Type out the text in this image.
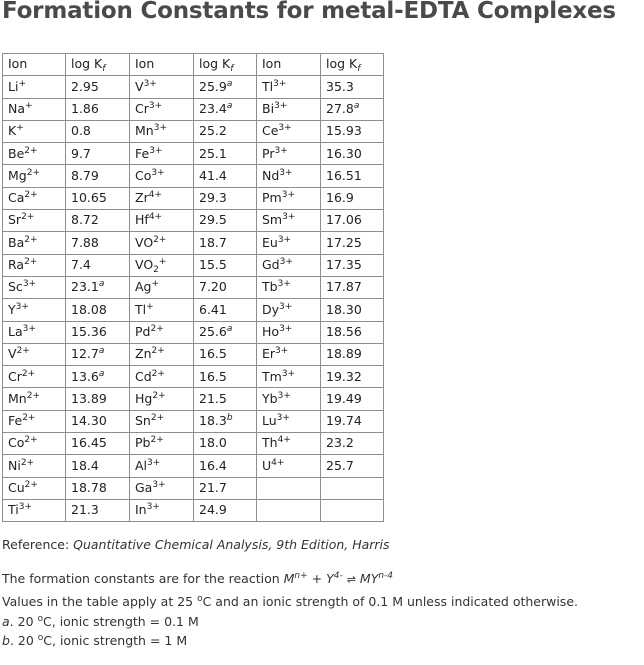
Formation Constants for metal-EDTA Complexes
Ion	$\log K_f$	Ion	$\log K_f$	Ion	$\log K_f$
Li+	2.95	$V^{3+}$	25.9$^a$	$Tl^{3+}$	35.3
Na+	1.86	$Cr^{3+}$	23.4$^a$	$Bi^{3+}$	27.8$^a$
K+	0.8	$Mn^{3+}$	25.2	$Ce^{3+}$	15.93
$Be^{2+}$	9.7	$Fe^{3+}$	25.1	$Pr^{3+}$	16.30
$Mg^{2+}$	8.79	$Co^{3+}$	41.4	$Nd^{3+}$	16.51
$Ca^{2+}$	10.65	$Zr^{4+}$	29.3	$Pm^{3+}$	16.9
$Sr^{2+}$	8.72	$Hf^{4+}$	29.5	$Sm^{3+}$	17.06
$Ba^{2+}$	7.88	$VO^{2+}$	18.7	$Eu^{3+}$	17.25
$Ra^{2+}$	7.4	$VO_2^+$	15.5	$Gd^{3+}$	17.35
$Sc^{3+}$	23.1$^a$	Ag+	7.20	$Tb^{3+}$	17.87
$Y^{3+}$	18.08	Tl+	6.41	$Dy^{3+}$	18.30
$La^{3+}$	15.36	$Pd^{2+}$	25.6$^a$	$Ho^{3+}$	18.56
$V^{2+}$	12.7$^a$	$Zn^{2+}$	16.5	$Er^{3+}$	18.89
$Cr^{2+}$	13.6$^a$	$Cd^{2+}$	16.5	$Tm^{3+}$	19.32
$Mn^{2+}$	13.89	$Hg^{2+}$	21.5	$Yb^{3+}$	19.49
$Fe^{2+}$	14.30	$Sn^{2+}$	18.3$^b$	$Lu^{3+}$	19.74
$Co^{2+}$	16.45	$Pb^{2+}$	18.0	$Th^{4+}$	23.2
$Ni^{2+}$	18.4	$Al^{3+}$	16.4	$U^{4+}$	25.7
$Cu^{2+}$	18.78	$Ga^{3+}$	21.7		
$Ti^{3+}$	21.3	$In^{3+}$	24.9		

Reference: Quantitative Chemical Analysis, 9th Edition, Harris

The formation constants are for the reaction $M^{n+} + Y^{4-}$ ⇌ MY$^{n-4}$

Values in the table apply at 25 $^o$C and an ionic strength of 0.1 M unless indicated otherwise.

a. 20 $^o$C, ionic strength = 0.1 M

b. 20 $^o$C, ionic strength = 1 M
